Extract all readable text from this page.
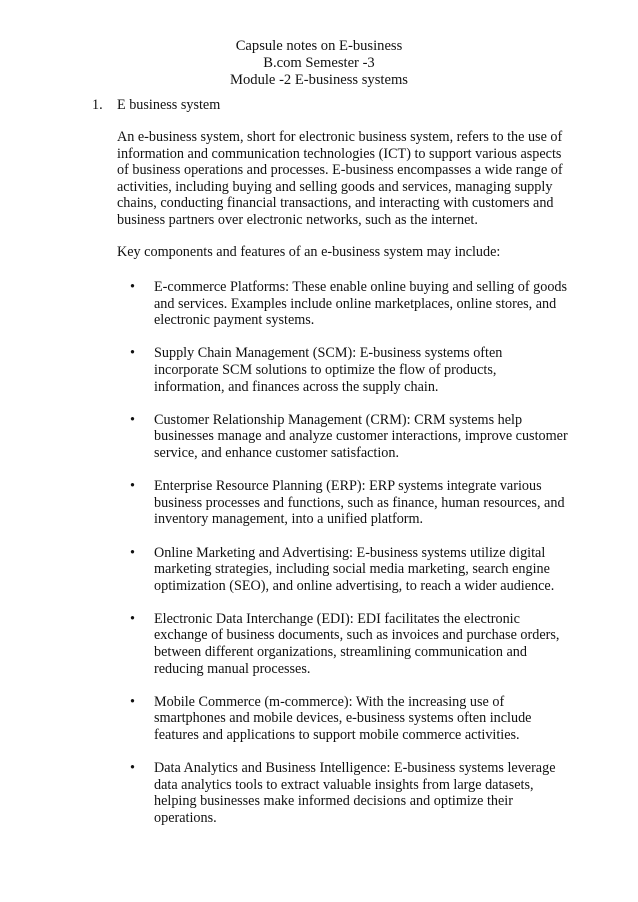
Capsule notes on E-business
B.com Semester -3
Module -2 E-business systems
1.	E business system

An e-business system, short for electronic business system, refers to the use of information and communication technologies (ICT) to support various aspects of business operations and processes. E-business encompasses a wide range of activities, including buying and selling goods and services, managing supply chains, conducting financial transactions, and interacting with customers and business partners over electronic networks, such as the internet.

Key components and features of an e-business system may include:

• E-commerce Platforms: These enable online buying and selling of goods and services. Examples include online marketplaces, online stores, and electronic payment systems.
• Supply Chain Management (SCM): E-business systems often incorporate SCM solutions to optimize the flow of products, information, and finances across the supply chain.
• Customer Relationship Management (CRM): CRM systems help businesses manage and analyze customer interactions, improve customer service, and enhance customer satisfaction.
• Enterprise Resource Planning (ERP): ERP systems integrate various business processes and functions, such as finance, human resources, and inventory management, into a unified platform.
• Online Marketing and Advertising: E-business systems utilize digital marketing strategies, including social media marketing, search engine optimization (SEO), and online advertising, to reach a wider audience.
• Electronic Data Interchange (EDI): EDI facilitates the electronic exchange of business documents, such as invoices and purchase orders, between different organizations, streamlining communication and reducing manual processes.
• Mobile Commerce (m-commerce): With the increasing use of smartphones and mobile devices, e-business systems often include features and applications to support mobile commerce activities.
• Data Analytics and Business Intelligence: E-business systems leverage data analytics tools to extract valuable insights from large datasets, helping businesses make informed decisions and optimize their operations.
